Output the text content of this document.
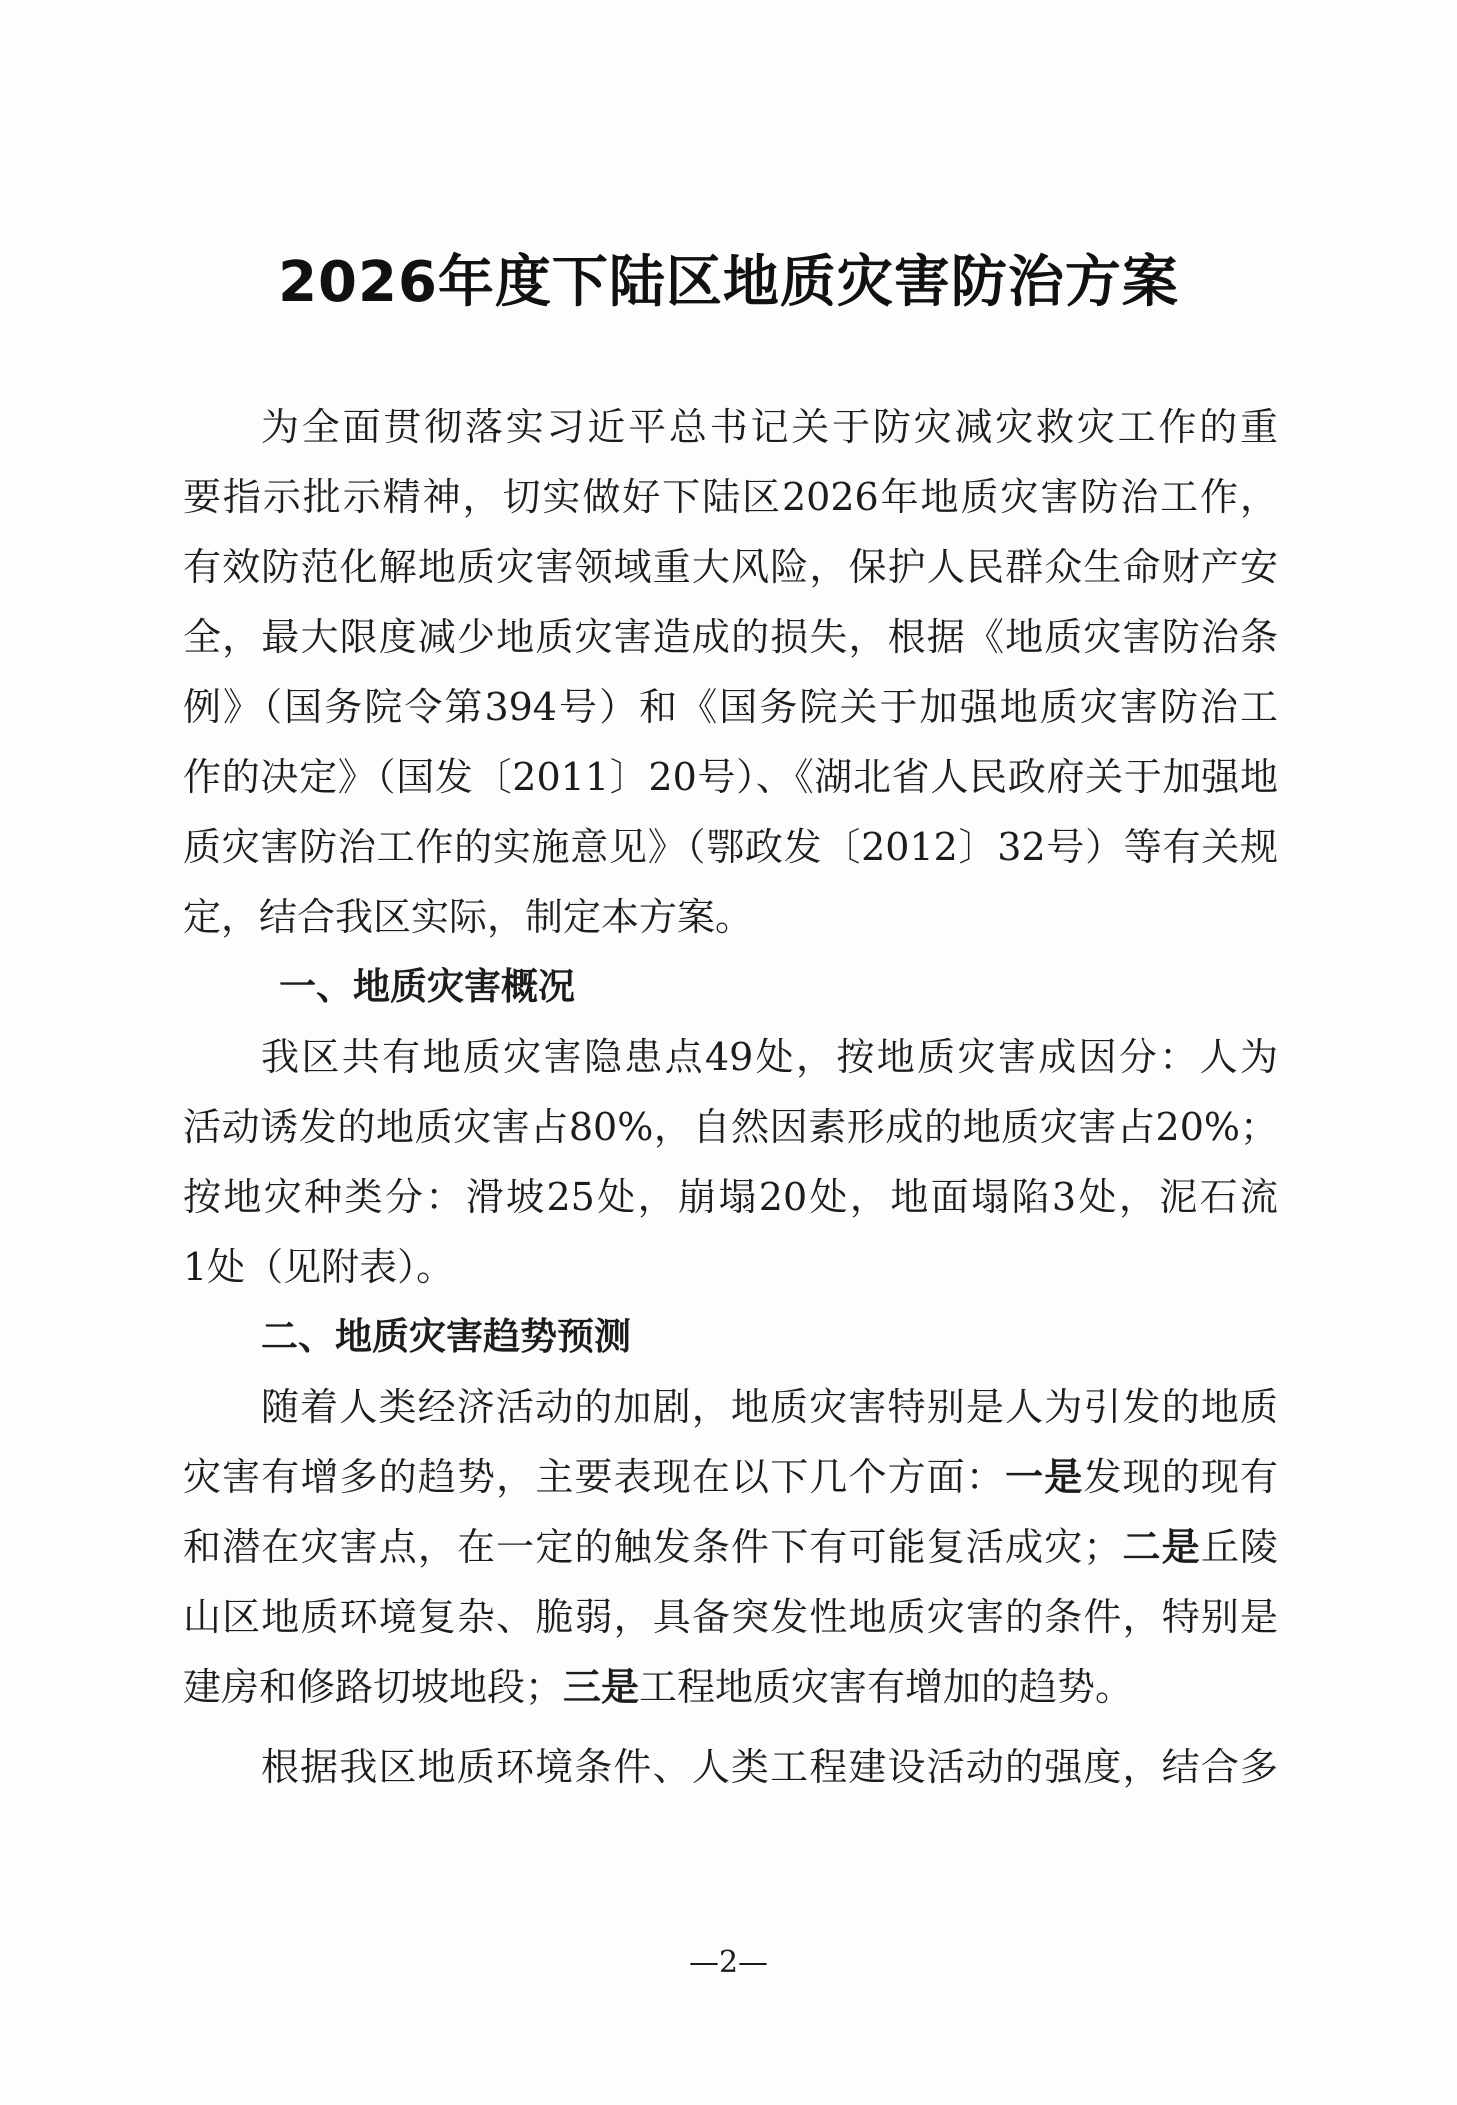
2026年度下陆区地质灾害防治方案
为全面贯彻落实习近平总书记关于防灾减灾救灾工作的重
要指示批示精神，切实做好下陆区2026年地质灾害防治工作，
有效防范化解地质灾害领域重大风险，保护人民群众生命财产安
全，最大限度减少地质灾害造成的损失，根据《地质灾害防治条
例》（国务院令第394号）和《国务院关于加强地质灾害防治工
作的决定》（国发〔2011〕20号）、《湖北省人民政府关于加强地
质灾害防治工作的实施意见》（鄂政发〔2012〕32号）等有关规
定，结合我区实际，制定本方案。
一、地质灾害概况
我区共有地质灾害隐患点49处，按地质灾害成因分：人为
活动诱发的地质灾害占80%，自然因素形成的地质灾害占20%；
按地灾种类分：滑坡25处，崩塌20处，地面塌陷3处，泥石流
1处（见附表）。
二、地质灾害趋势预测
随着人类经济活动的加剧，地质灾害特别是人为引发的地质
灾害有增多的趋势，主要表现在以下几个方面：一是发现的现有
和潜在灾害点，在一定的触发条件下有可能复活成灾；二是丘陵
山区地质环境复杂、脆弱，具备突发性地质灾害的条件，特别是
建房和修路切坡地段；三是工程地质灾害有增加的趋势。
根据我区地质环境条件、人类工程建设活动的强度，结合多
—2—
